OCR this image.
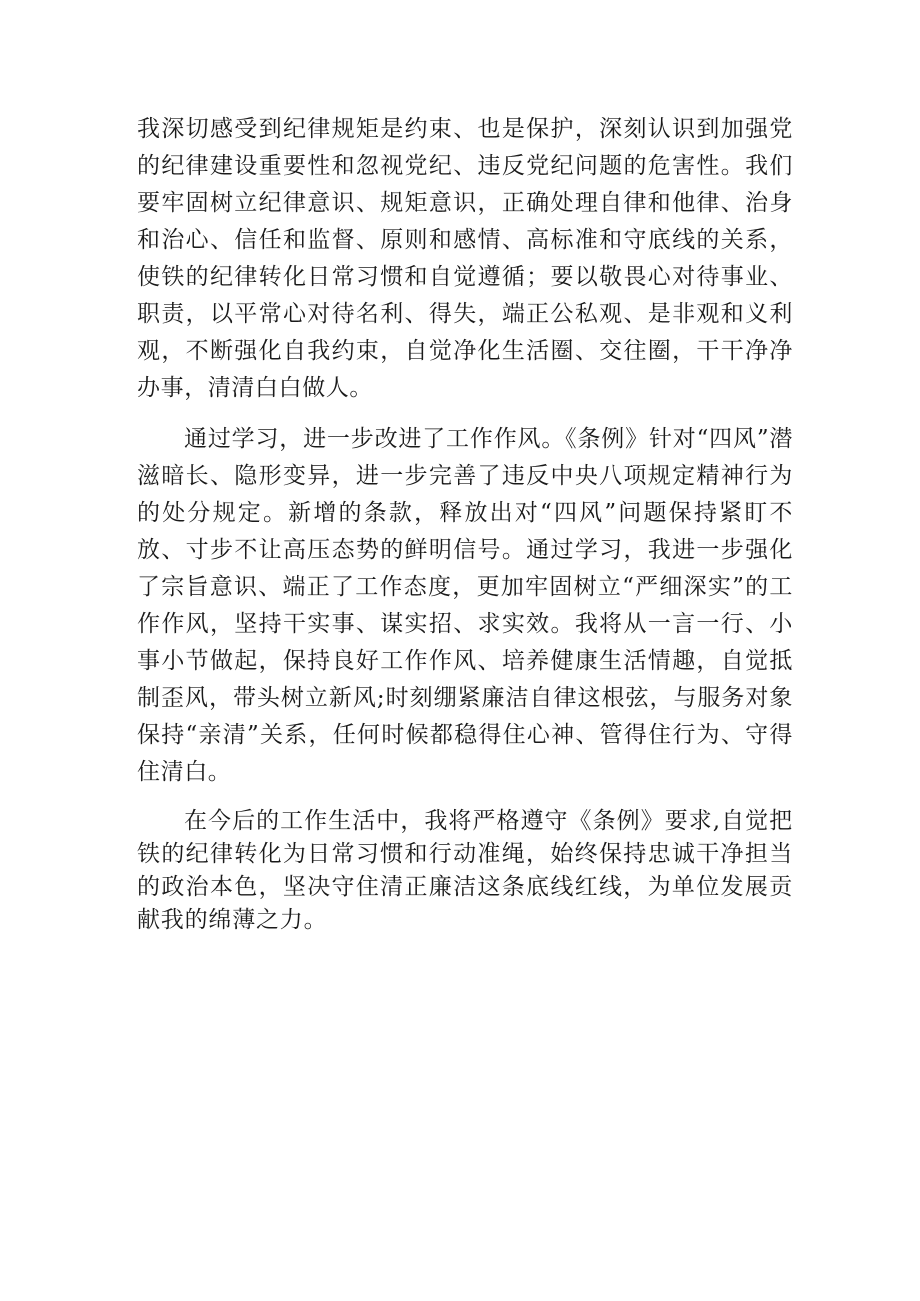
我深切感受到纪律规矩是约束、也是保护，深刻认识到加强党的纪律建设重要性和忽视党纪、违反党纪问题的危害性。我们要牢固树立纪律意识、规矩意识，正确处理自律和他律、治身和治心、信任和监督、原则和感情、高标准和守底线的关系，使铁的纪律转化日常习惯和自觉遵循；要以敬畏心对待事业、职责，以平常心对待名利、得失，端正公私观、是非观和义利观，不断强化自我约束，自觉净化生活圈、交往圈，干干净净办事，清清白白做人。

通过学习，进一步改进了工作作风。《条例》针对“四风”潜滋暗长、隐形变异，进一步完善了违反中央八项规定精神行为的处分规定。新增的条款，释放出对“四风”问题保持紧盯不放、寸步不让高压态势的鲜明信号。通过学习，我进一步强化了宗旨意识、端正了工作态度，更加牢固树立“严细深实”的工作作风，坚持干实事、谋实招、求实效。我将从一言一行、小事小节做起，保持良好工作作风、培养健康生活情趣，自觉抵制歪风，带头树立新风;时刻绷紧廉洁自律这根弦，与服务对象保持“亲清”关系，任何时候都稳得住心神、管得住行为、守得住清白。

在今后的工作生活中，我将严格遵守《条例》要求,自觉把铁的纪律转化为日常习惯和行动准绳，始终保持忠诚干净担当的政治本色，坚决守住清正廉洁这条底线红线，为单位发展贡献我的绵薄之力。
